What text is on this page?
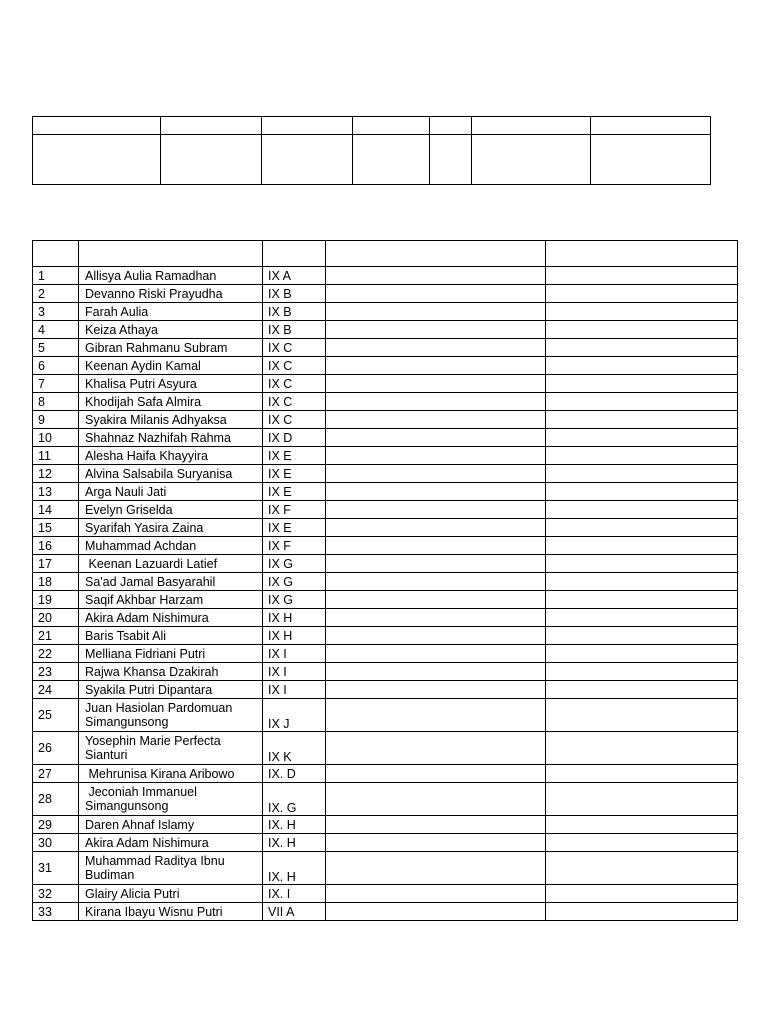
1	Allisya Aulia Ramadhan	IX A		
2	Devanno Riski Prayudha	IX B		
3	Farah Aulia	IX B		
4	Keiza Athaya	IX B		
5	Gibran Rahmanu Subram	IX C		
6	Keenan Aydin Kamal	IX C		
7	Khalisa Putri Asyura	IX C		
8	Khodijah Safa Almira	IX C		
9	Syakira Milanis Adhyaksa	IX C		
10	Shahnaz Nazhifah Rahma	IX D		
11	Alesha Haifa Khayyira	IX E		
12	Alvina Salsabila Suryanisa	IX E		
13	Arga Nauli Jati	IX E		
14	Evelyn Griselda	IX F		
15	Syarifah Yasira Zaina	IX E		
16	Muhammad Achdan	IX F		
17	Keenan Lazuardi Latief	IX G		
18	Sa'ad Jamal Basyarahil	IX G		
19	Saqif Akhbar Harzam	IX G		
20	Akira Adam Nishimura	IX H		
21	Baris Tsabit Ali	IX H		
22	Melliana Fidriani Putri	IX I		
23	Rajwa Khansa Dzakirah	IX I		
24	Syakila Putri Dipantara	IX I		
25	Juan Hasiolan Pardomuan Simangunsong	IX J		
26	Yosephin Marie Perfecta Sianturi	IX K		
27	Mehrunisa Kirana Aribowo	IX. D		
28	Jeconiah Immanuel Simangunsong	IX. G		
29	Daren Ahnaf Islamy	IX. H		
30	Akira Adam Nishimura	IX. H		
31	Muhammad Raditya Ibnu Budiman	IX. H		
32	Glairy Alicia Putri	IX. I		
33	Kirana Ibayu Wisnu Putri	VII A		
